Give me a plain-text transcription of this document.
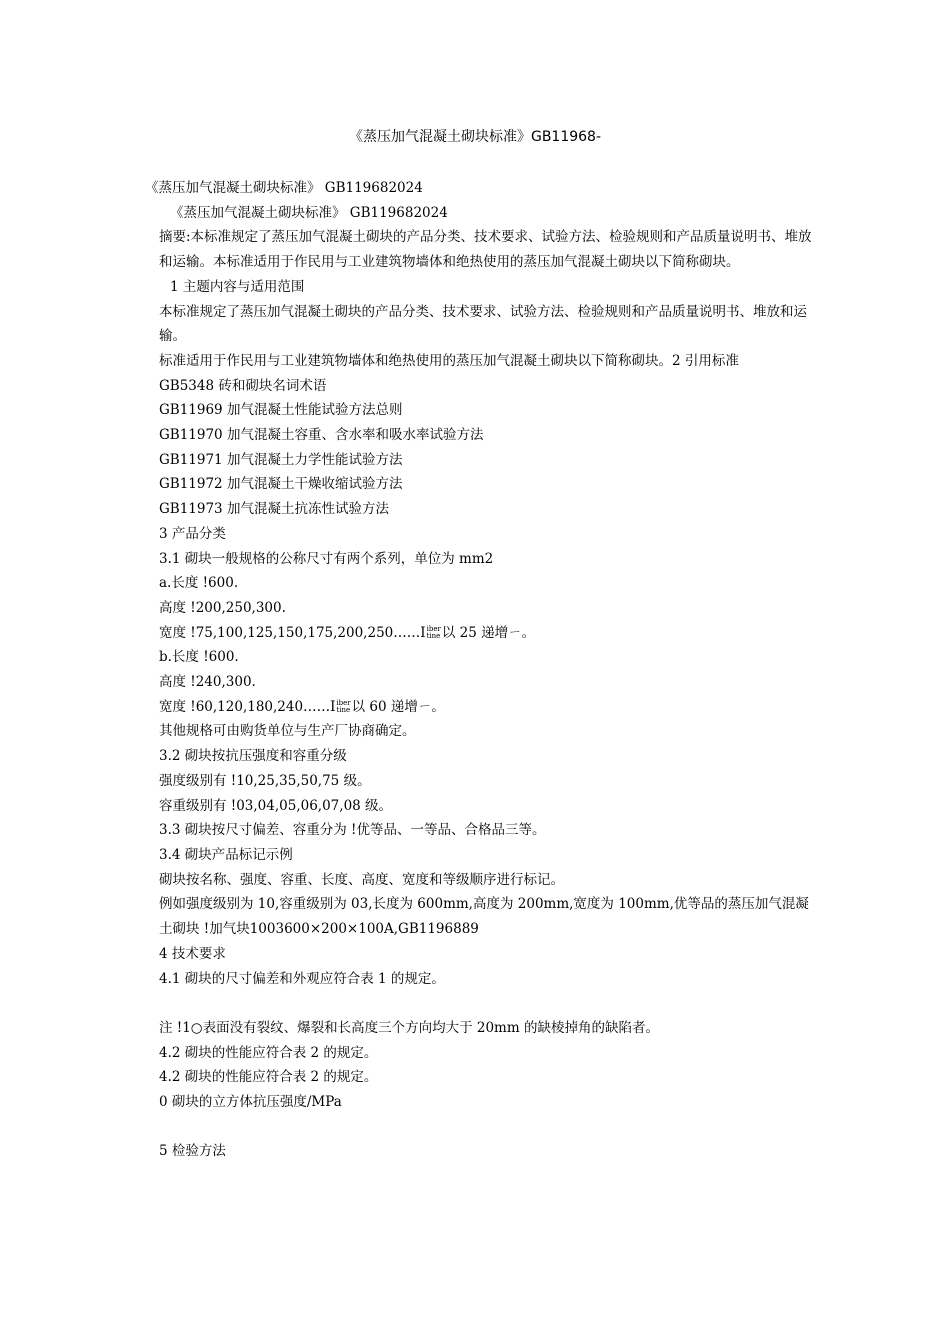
《蒸压加气混凝土砌块标准》GB11968-

《蒸压加气混凝土砌块标准》 GB119682024

《蒸压加气混凝土砌块标准》 GB119682024

摘要:本标准规定了蒸压加气混凝土砌块的产品分类、技术要求、试验方法、检验规则和产品质量说明书、堆放和运输。本标准适用于作民用与工业建筑物墙体和绝热使用的蒸压加气混凝土砌块以下简称砌块。

1 主题内容与适用范围

本标准规定了蒸压加气混凝土砌块的产品分类、技术要求、试验方法、检验规则和产品质量说明书、堆放和运输。

标准适用于作民用与工业建筑物墙体和绝热使用的蒸压加气混凝土砌块以下简称砌块。2 引用标准

GB5348 砖和砌块名词术语

GB11969 加气混凝土性能试验方法总则

GB11970 加气混凝土容重、含水率和吸水率试验方法

GB11971 加气混凝土力学性能试验方法

GB11972 加气混凝土干燥收缩试验方法

GB11973 加气混凝土抗冻性试验方法

3 产品分类

3.1 砌块一般规格的公称尺寸有两个系列，单位为 mm2

a.长度 !600.

高度 !200,250,300.

宽度 !75,100,125,150,175,200,250……Iiber
tine 以 25 递增ㄧ。

b.长度 !600.

高度 !240,300.

宽度 !60,120,180,240……Iiber
tine 以 60 递增ㄧ。

其他规格可由购货单位与生产厂协商确定。

3.2 砌块按抗压强度和容重分级

强度级别有 !10,25,35,50,75 级。

容重级别有 !03,04,05,06,07,08 级。

3.3 砌块按尺寸偏差、容重分为 !优等品、一等品、合格品三等。

3.4 砌块产品标记示例

砌块按名称、强度、容重、长度、高度、宽度和等级顺序进行标记。

例如强度级别为 10,容重级别为 03,长度为 600mm,高度为 200mm,宽度为 100mm,优等品的蒸压加气混凝土砌块 !加气块1003600×200×100A,GB1196889

4 技术要求

4.1 砌块的尺寸偏差和外观应符合表 1 的规定。

注 !1○表面没有裂纹、爆裂和长高度三个方向均大于 20mm 的缺棱掉角的缺陷者。

4.2 砌块的性能应符合表 2 的规定。

4.2 砌块的性能应符合表 2 的规定。

0 砌块的立方体抗压强度/MPa

5 检验方法
